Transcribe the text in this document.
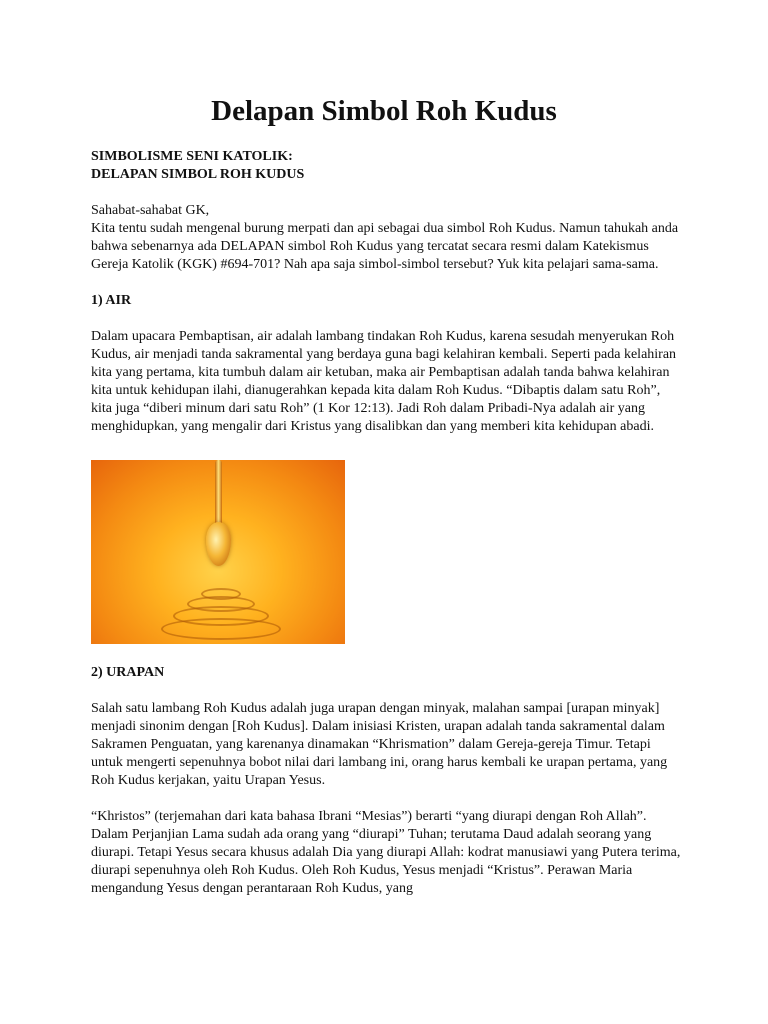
Delapan Simbol Roh Kudus

SIMBOLISME SENI KATOLIK:

DELAPAN SIMBOL ROH KUDUS

Sahabat-sahabat GK,

Kita tentu sudah mengenal burung merpati dan api sebagai dua simbol Roh Kudus. Namun tahukah anda bahwa sebenarnya ada DELAPAN simbol Roh Kudus yang tercatat secara resmi dalam Katekismus Gereja Katolik (KGK) #694-701? Nah apa saja simbol-simbol tersebut? Yuk kita pelajari sama-sama.

1) AIR

Dalam upacara Pembaptisan, air adalah lambang tindakan Roh Kudus, karena sesudah menyerukan Roh Kudus, air menjadi tanda sakramental yang berdaya guna bagi kelahiran kembali. Seperti pada kelahiran kita yang pertama, kita tumbuh dalam air ketuban, maka air Pembaptisan adalah tanda bahwa kelahiran kita untuk kehidupan ilahi, dianugerahkan kepada kita dalam Roh Kudus. “Dibaptis dalam satu Roh”, kita juga “diberi minum dari satu Roh” (1 Kor 12:13). Jadi Roh dalam Pribadi-Nya adalah air yang menghidupkan, yang mengalir dari Kristus yang disalibkan dan yang memberi kita kehidupan abadi.

2) URAPAN

Salah satu lambang Roh Kudus adalah juga urapan dengan minyak, malahan sampai [urapan minyak] menjadi sinonim dengan [Roh Kudus]. Dalam inisiasi Kristen, urapan adalah tanda sakramental dalam Sakramen Penguatan, yang karenanya dinamakan “Khrismation” dalam Gereja-gereja Timur. Tetapi untuk mengerti sepenuhnya bobot nilai dari lambang ini, orang harus kembali ke urapan pertama, yang Roh Kudus kerjakan, yaitu Urapan Yesus.

“Khristos” (terjemahan dari kata bahasa Ibrani “Mesias”) berarti “yang diurapi dengan Roh Allah”. Dalam Perjanjian Lama sudah ada orang yang “diurapi” Tuhan; terutama Daud adalah seorang yang diurapi. Tetapi Yesus secara khusus adalah Dia yang diurapi Allah: kodrat manusiawi yang Putera terima, diurapi sepenuhnya oleh Roh Kudus. Oleh Roh Kudus, Yesus menjadi “Kristus”. Perawan Maria mengandung Yesus dengan perantaraan Roh Kudus, yang
